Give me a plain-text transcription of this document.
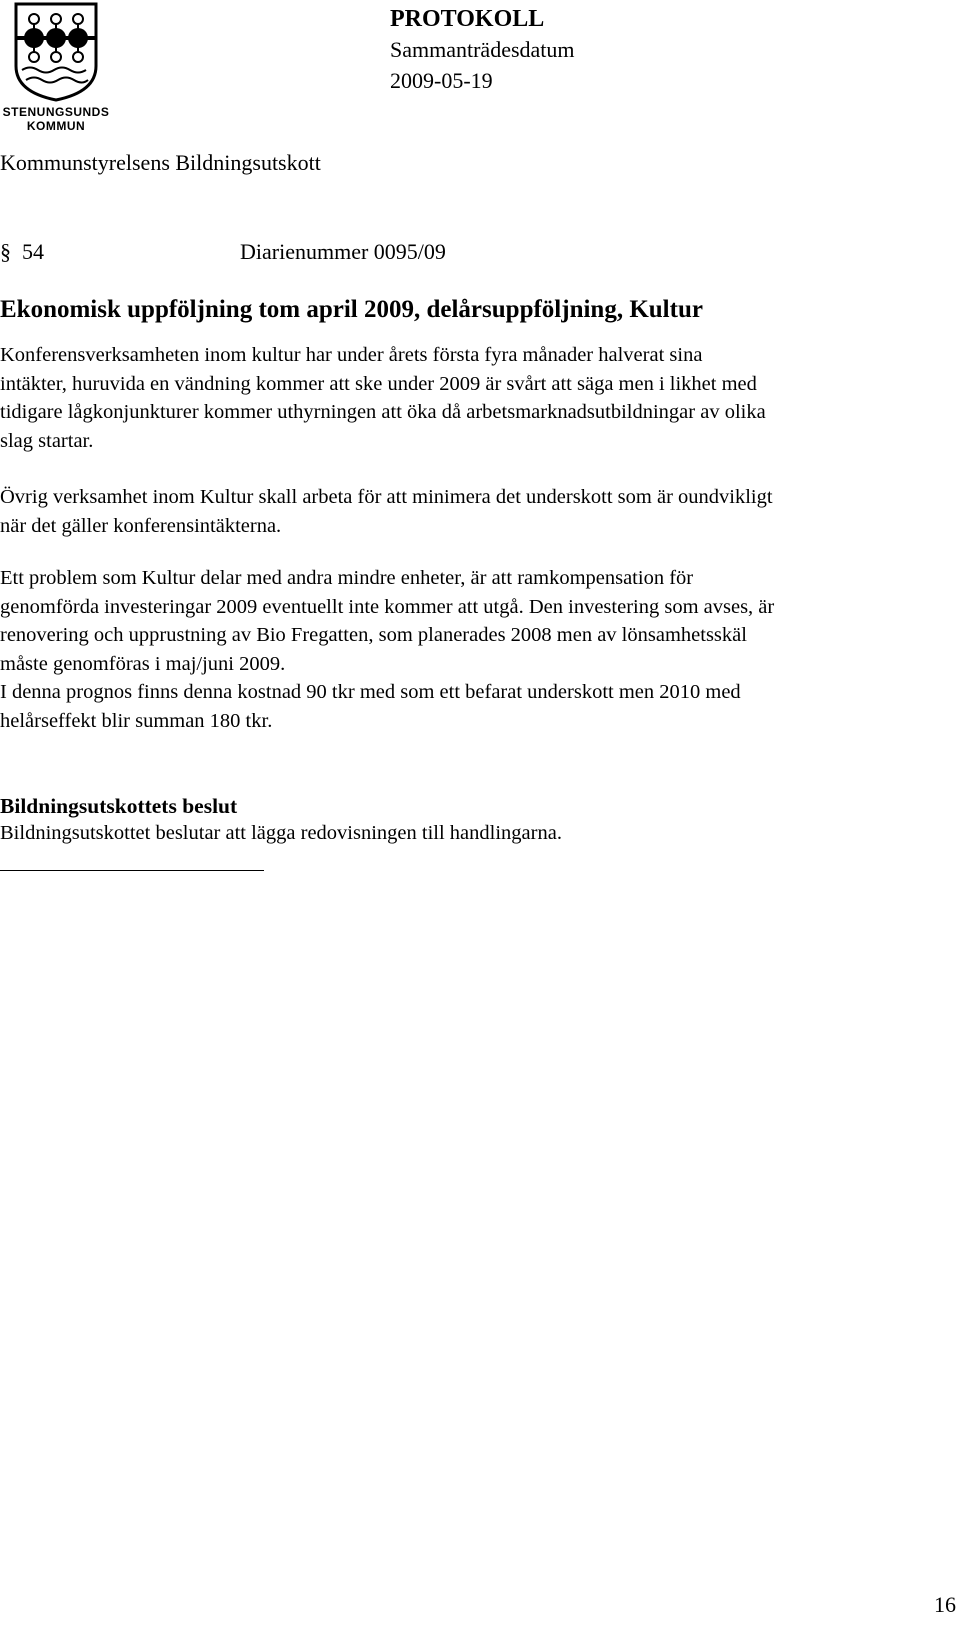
STENUNGSUNDS
KOMMUN

PROTOKOLL

Sammanträdesdatum

2009-05-19

Kommunstyrelsens Bildningsutskott

§ 54	Diarienummer 0095/09
Ekonomisk uppföljning tom april 2009, delårsuppföljning, Kultur

Konferensverksamheten inom kultur har under årets första fyra månader halverat sina
intäkter, huruvida en vändning kommer att ske under 2009 är svårt att säga men i likhet med
tidigare lågkonjunkturer kommer uthyrningen att öka då arbetsmarknadsutbildningar av olika
slag startar.

Övrig verksamhet inom Kultur skall arbeta för att minimera det underskott som är oundvikligt
när det gäller konferensintäkterna.

Ett problem som Kultur delar med andra mindre enheter, är att ramkompensation för
genomförda investeringar 2009 eventuellt inte kommer att utgå. Den investering som avses, är
renovering och upprustning av Bio Fregatten, som planerades 2008 men av lönsamhetsskäl
måste genomföras i maj/juni 2009.
I denna prognos finns denna kostnad 90 tkr med som ett befarat underskott men 2010 med
helårseffekt blir summan 180 tkr.

Bildningsutskottets beslut

Bildningsutskottet beslutar att lägga redovisningen till handlingarna.

16
